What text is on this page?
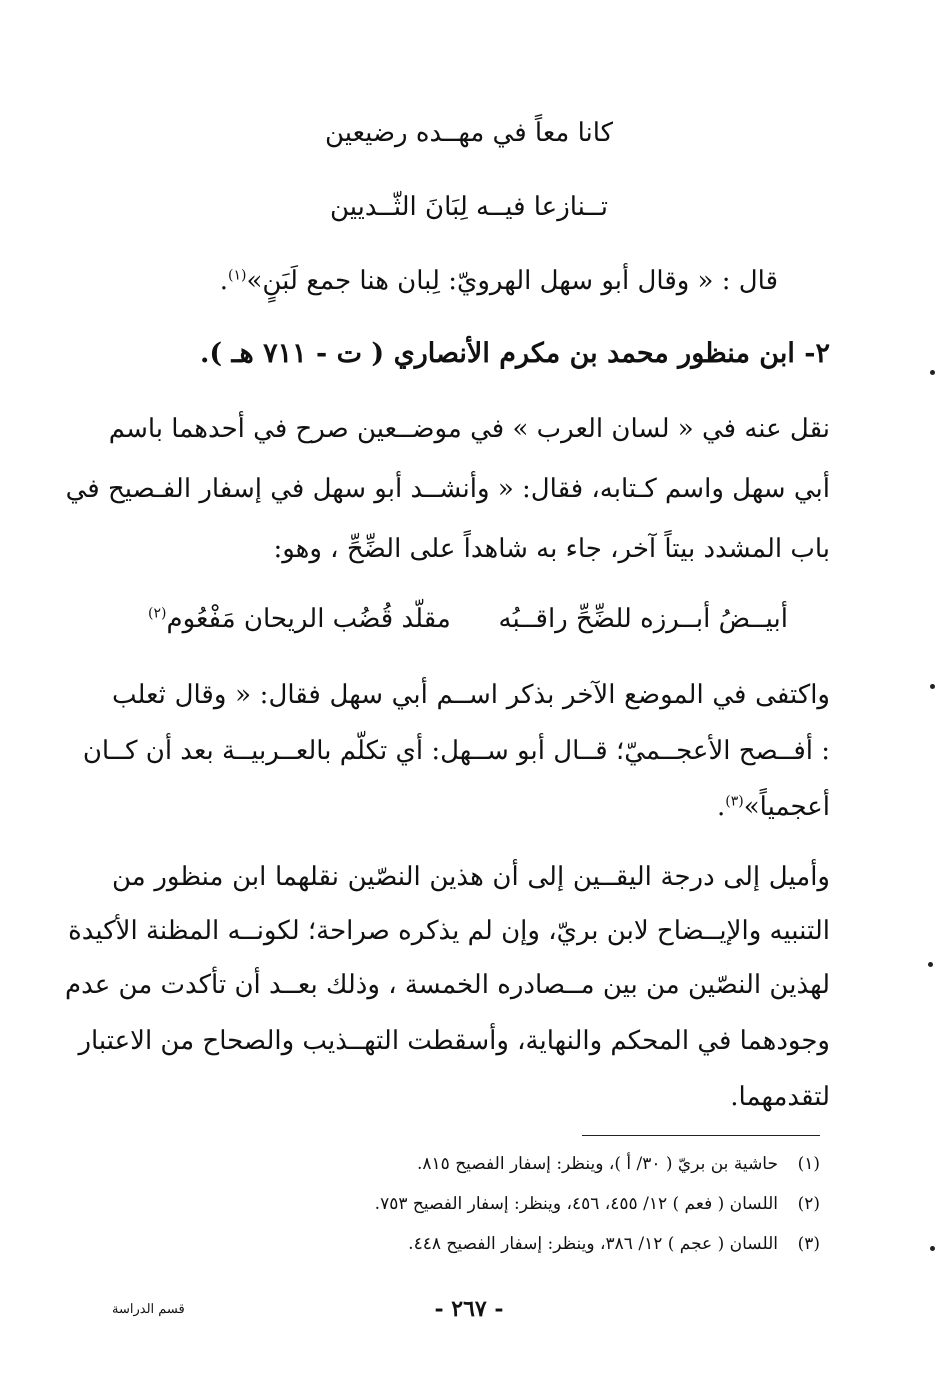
كانا معاً في مهــده رضيعين
تــنازعا فيــه لِبَانَ الثّــديين
قال : « وقال أبو سهل الهرويّ: لِبان هنا جمع لَبَنٍ»$^{(١)}$.
٢- ابن منظور محمد بن مكرم الأنصاري ( ت - ٧١١ هـ ).
نقل عنه في « لسان العرب » في موضــعين صرح في أحدهما باسم
أبي سهل واسم كـتابه، فقال: « وأنشــد أبو سهل في إسفار الفـصيح في
باب المشدد بيتاً آخر، جاء به شاهداً على الضِّحِّ ، وهو:
أبيــضُ أبــرزه للضِّحِّ راقــبُه
مقلّد قُضُب الريحان مَفْعُوم$^{(٢)}$
واكتفى في الموضع الآخر بذكر اســم أبي سهل فقال: « وقال ثعلب
: أفــصح الأعجــميّ؛ قــال أبو ســهل: أي تكلّم بالعــربيــة بعد أن كــان
أعجمياً»$^{(٣)}$.
وأميل إلى درجة اليقــين إلى أن هذين النصّين نقلهما ابن منظور من
التنبيه والإيــضاح لابن بريّ، وإن لم يذكره صراحة؛ لكونــه المظنة الأكيدة
لهذين النصّين من بين مــصادره الخمسة ، وذلك بعــد أن تأكدت من عدم
وجودهما في المحكم والنهاية، وأسقطت التهــذيب والصحاح من الاعتبار
لتقدمهما.
(١)حاشية بن بريّ ( ٣٠/ أ )، وينظر: إسفار الفصيح ٨١٥.
(٢)اللسان ( فعم ) ١٢/ ٤٥٥، ٤٥٦، وينظر: إسفار الفصيح ٧٥٣.
(٣)اللسان ( عجم ) ١٢/ ٣٨٦، وينظر: إسفار الفصيح ٤٤٨.
- ٢٦٧ -
قسم الدراسة
